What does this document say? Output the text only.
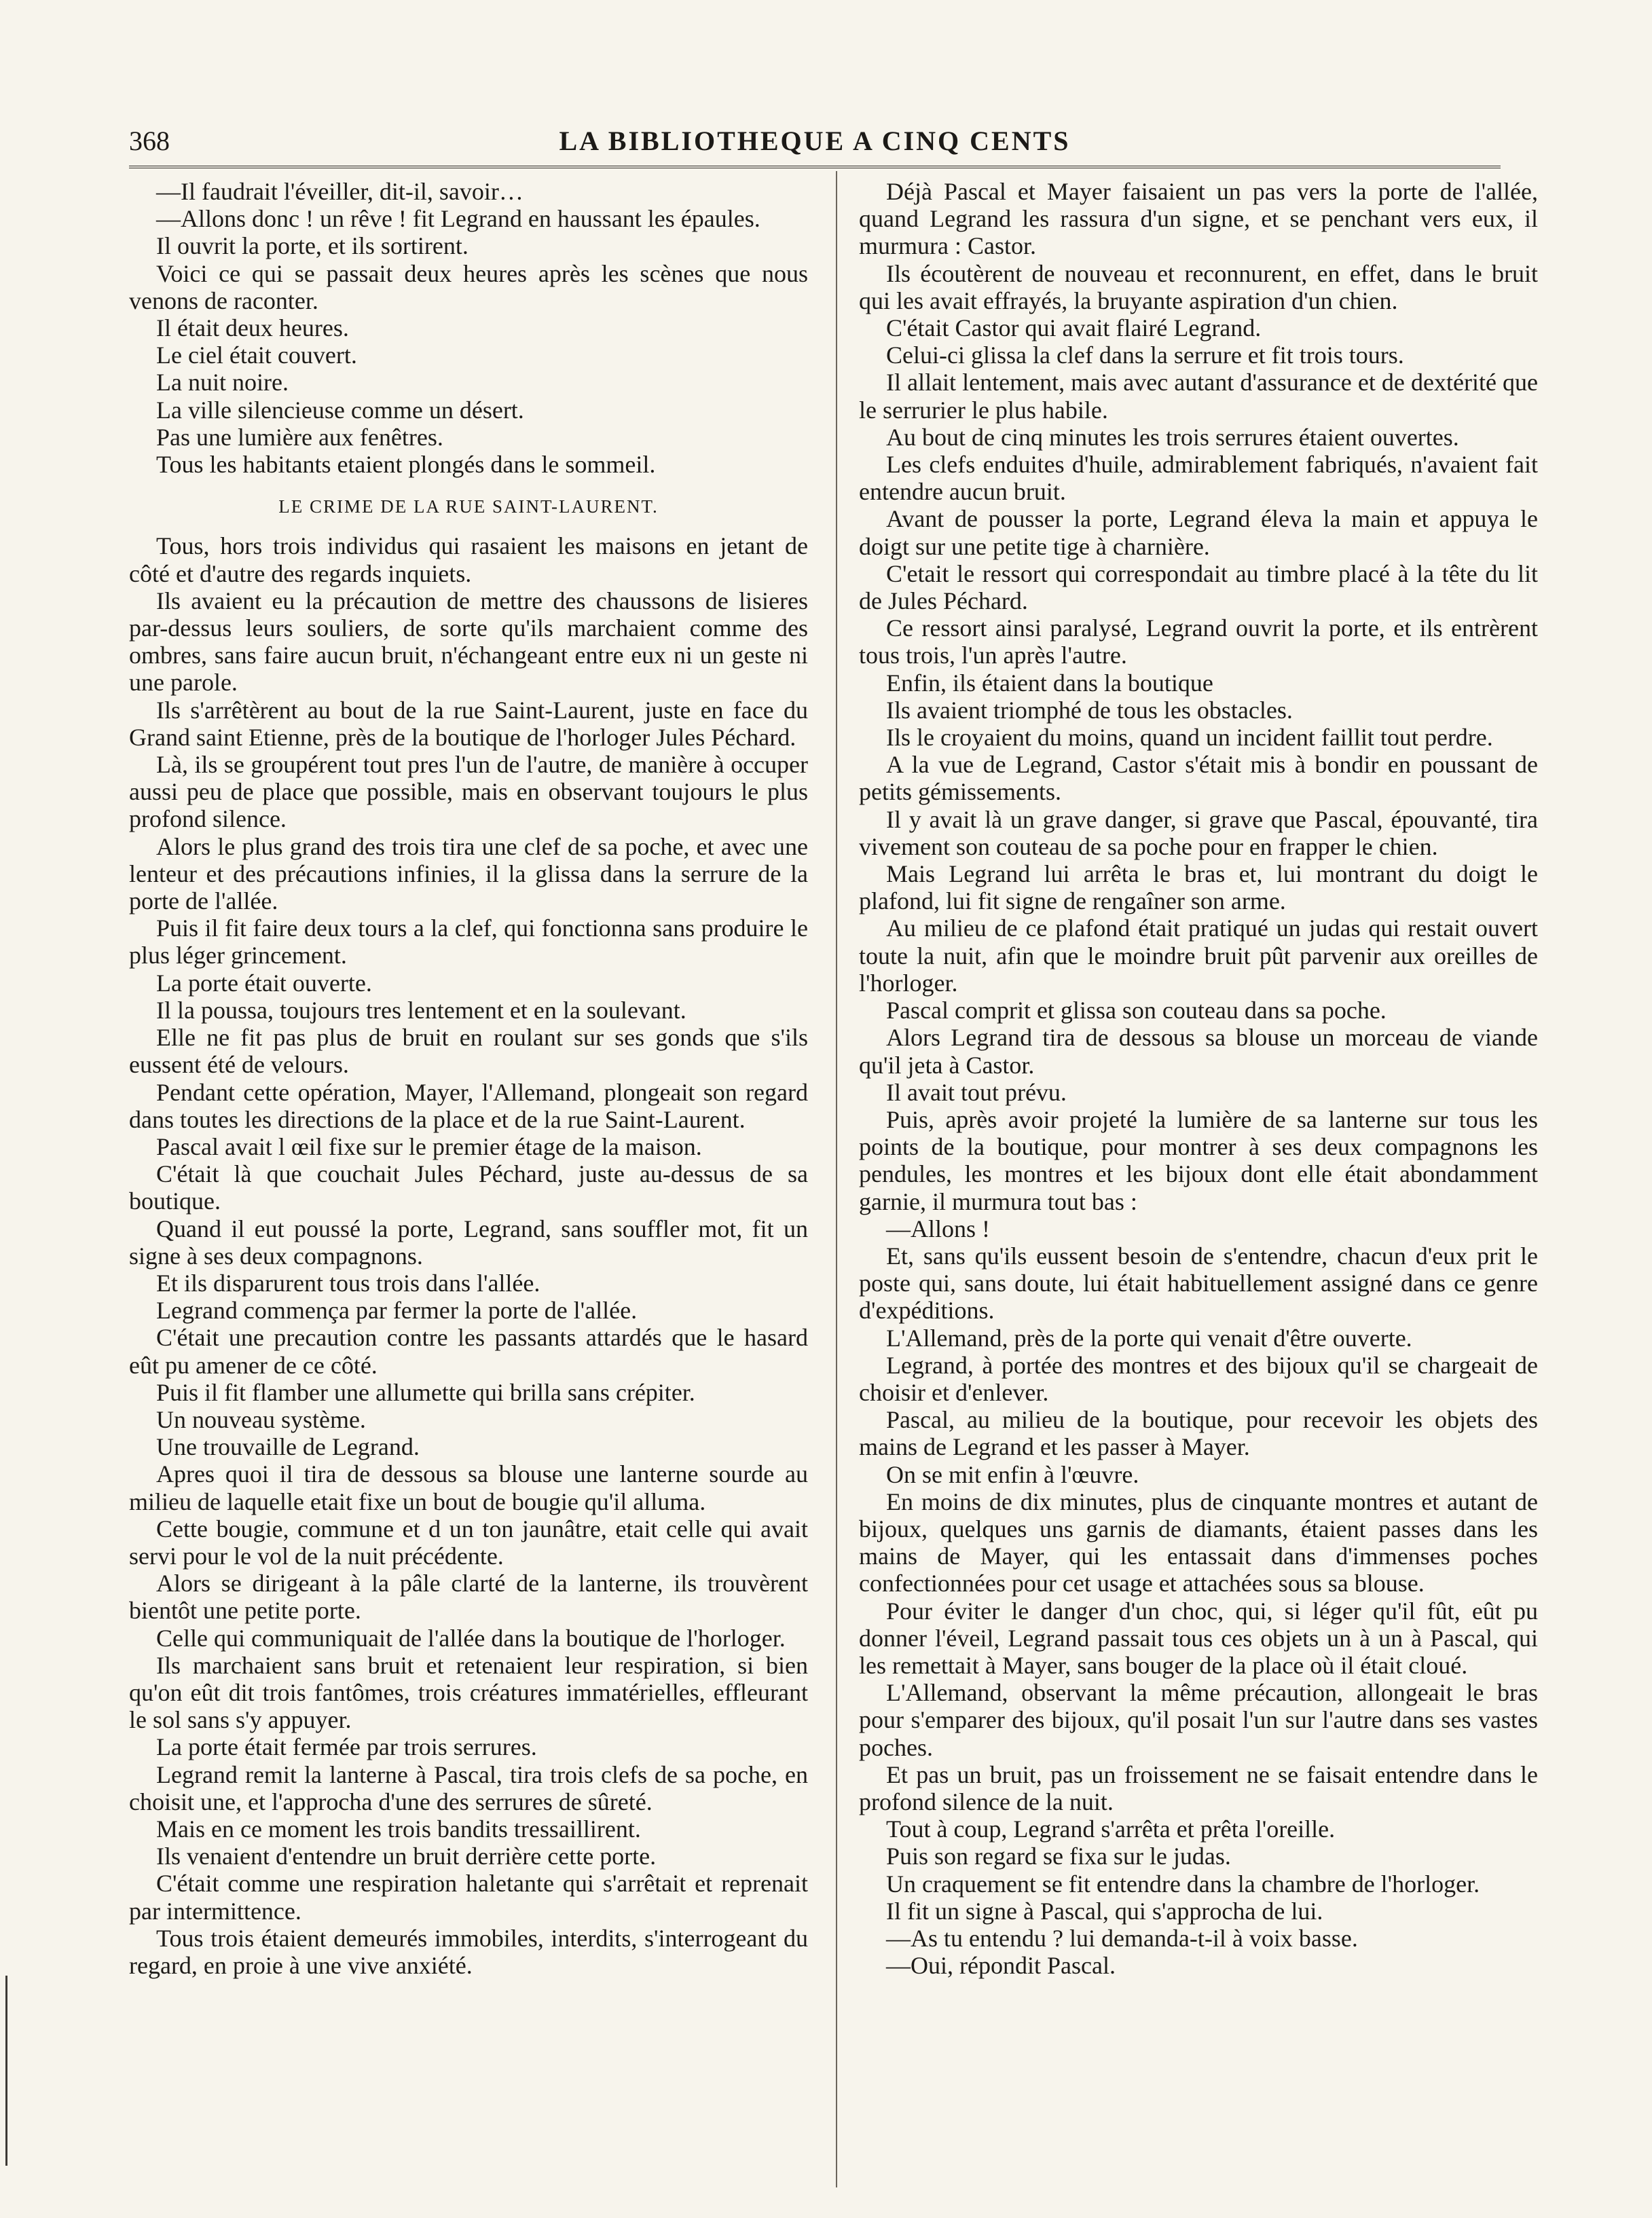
368	LA BIBLIOTHEQUE A CINQ CENTS

—Il faudrait l'éveiller, dit-il, savoir…

—Allons donc ! un rêve ! fit Legrand en haussant les épaules.

Il ouvrit la porte, et ils sortirent.

Voici ce qui se passait deux heures après les scènes que nous venons de raconter.

Il était deux heures.

Le ciel était couvert.

La nuit noire.

La ville silencieuse comme un désert.

Pas une lumière aux fenêtres.

Tous les habitants etaient plongés dans le sommeil.

LE CRIME DE LA RUE SAINT-LAURENT.

Tous, hors trois individus qui rasaient les maisons en jetant de côté et d'autre des regards inquiets.

Ils avaient eu la précaution de mettre des chaussons de lisieres par-dessus leurs souliers, de sorte qu'ils marchaient comme des ombres, sans faire aucun bruit, n'échangeant entre eux ni un geste ni une parole.

Ils s'arrêtèrent au bout de la rue Saint-Laurent, juste en face du Grand saint Etienne, près de la boutique de l'horloger Jules Péchard.

Là, ils se groupérent tout pres l'un de l'autre, de manière à occuper aussi peu de place que possible, mais en observant toujours le plus profond silence.

Alors le plus grand des trois tira une clef de sa poche, et avec une lenteur et des précautions infinies, il la glissa dans la serrure de la porte de l'allée.

Puis il fit faire deux tours a la clef, qui fonctionna sans produire le plus léger grincement.

La porte était ouverte.

Il la poussa, toujours tres lentement et en la soulevant.

Elle ne fit pas plus de bruit en roulant sur ses gonds que s'ils eussent été de velours.

Pendant cette opération, Mayer, l'Allemand, plongeait son regard dans toutes les directions de la place et de la rue Saint-Laurent.

Pascal avait l œil fixe sur le premier étage de la maison.

C'était là que couchait Jules Péchard, juste au-dessus de sa boutique.

Quand il eut poussé la porte, Legrand, sans souffler mot, fit un signe à ses deux compagnons.

Et ils disparurent tous trois dans l'allée.

Legrand commença par fermer la porte de l'allée.

C'était une precaution contre les passants attardés que le hasard eût pu amener de ce côté.

Puis il fit flamber une allumette qui brilla sans crépiter.

Un nouveau système.

Une trouvaille de Legrand.

Apres quoi il tira de dessous sa blouse une lanterne sourde au milieu de laquelle etait fixe un bout de bougie qu'il alluma.

Cette bougie, commune et d un ton jaunâtre, etait celle qui avait servi pour le vol de la nuit précédente.

Alors se dirigeant à la pâle clarté de la lanterne, ils trouvèrent bientôt une petite porte.

Celle qui communiquait de l'allée dans la boutique de l'horloger.

Ils marchaient sans bruit et retenaient leur respiration, si bien qu'on eût dit trois fantômes, trois créatures immatérielles, effleurant le sol sans s'y appuyer.

La porte était fermée par trois serrures.

Legrand remit la lanterne à Pascal, tira trois clefs de sa poche, en choisit une, et l'approcha d'une des serrures de sûreté.

Mais en ce moment les trois bandits tressaillirent.

Ils venaient d'entendre un bruit derrière cette porte.

C'était comme une respiration haletante qui s'arrêtait et reprenait par intermittence.

Tous trois étaient demeurés immobiles, interdits, s'interrogeant du regard, en proie à une vive anxiété.

Déjà Pascal et Mayer faisaient un pas vers la porte de l'allée, quand Legrand les rassura d'un signe, et se penchant vers eux, il murmura : Castor.

Ils écoutèrent de nouveau et reconnurent, en effet, dans le bruit qui les avait effrayés, la bruyante aspiration d'un chien.

C'était Castor qui avait flairé Legrand.

Celui-ci glissa la clef dans la serrure et fit trois tours.

Il allait lentement, mais avec autant d'assurance et de dextérité que le serrurier le plus habile.

Au bout de cinq minutes les trois serrures étaient ouvertes.

Les clefs enduites d'huile, admirablement fabriqués, n'avaient fait entendre aucun bruit.

Avant de pousser la porte, Legrand éleva la main et appuya le doigt sur une petite tige à charnière.

C'etait le ressort qui correspondait au timbre placé à la tête du lit de Jules Péchard.

Ce ressort ainsi paralysé, Legrand ouvrit la porte, et ils entrèrent tous trois, l'un après l'autre.

Enfin, ils étaient dans la boutique

Ils avaient triomphé de tous les obstacles.

Ils le croyaient du moins, quand un incident faillit tout perdre.

A la vue de Legrand, Castor s'était mis à bondir en poussant de petits gémissements.

Il y avait là un grave danger, si grave que Pascal, épouvanté, tira vivement son couteau de sa poche pour en frapper le chien.

Mais Legrand lui arrêta le bras et, lui montrant du doigt le plafond, lui fit signe de rengaîner son arme.

Au milieu de ce plafond était pratiqué un judas qui restait ouvert toute la nuit, afin que le moindre bruit pût parvenir aux oreilles de l'horloger.

Pascal comprit et glissa son couteau dans sa poche.

Alors Legrand tira de dessous sa blouse un morceau de viande qu'il jeta à Castor.

Il avait tout prévu.

Puis, après avoir projeté la lumière de sa lanterne sur tous les points de la boutique, pour montrer à ses deux compagnons les pendules, les montres et les bijoux dont elle était abondamment garnie, il murmura tout bas :

—Allons !

Et, sans qu'ils eussent besoin de s'entendre, chacun d'eux prit le poste qui, sans doute, lui était habituellement assigné dans ce genre d'expéditions.

L'Allemand, près de la porte qui venait d'être ouverte.

Legrand, à portée des montres et des bijoux qu'il se chargeait de choisir et d'enlever.

Pascal, au milieu de la boutique, pour recevoir les objets des mains de Legrand et les passer à Mayer.

On se mit enfin à l'œuvre.

En moins de dix minutes, plus de cinquante montres et autant de bijoux, quelques uns garnis de diamants, étaient passes dans les mains de Mayer, qui les entassait dans d'immenses poches confectionnées pour cet usage et attachées sous sa blouse.

Pour éviter le danger d'un choc, qui, si léger qu'il fût, eût pu donner l'éveil, Legrand passait tous ces objets un à un à Pascal, qui les remettait à Mayer, sans bouger de la place où il était cloué.

L'Allemand, observant la même précaution, allongeait le bras pour s'emparer des bijoux, qu'il posait l'un sur l'autre dans ses vastes poches.

Et pas un bruit, pas un froissement ne se faisait entendre dans le profond silence de la nuit.

Tout à coup, Legrand s'arrêta et prêta l'oreille.

Puis son regard se fixa sur le judas.

Un craquement se fit entendre dans la chambre de l'horloger.

Il fit un signe à Pascal, qui s'approcha de lui.

—As tu entendu ? lui demanda-t-il à voix basse.

—Oui, répondit Pascal.
